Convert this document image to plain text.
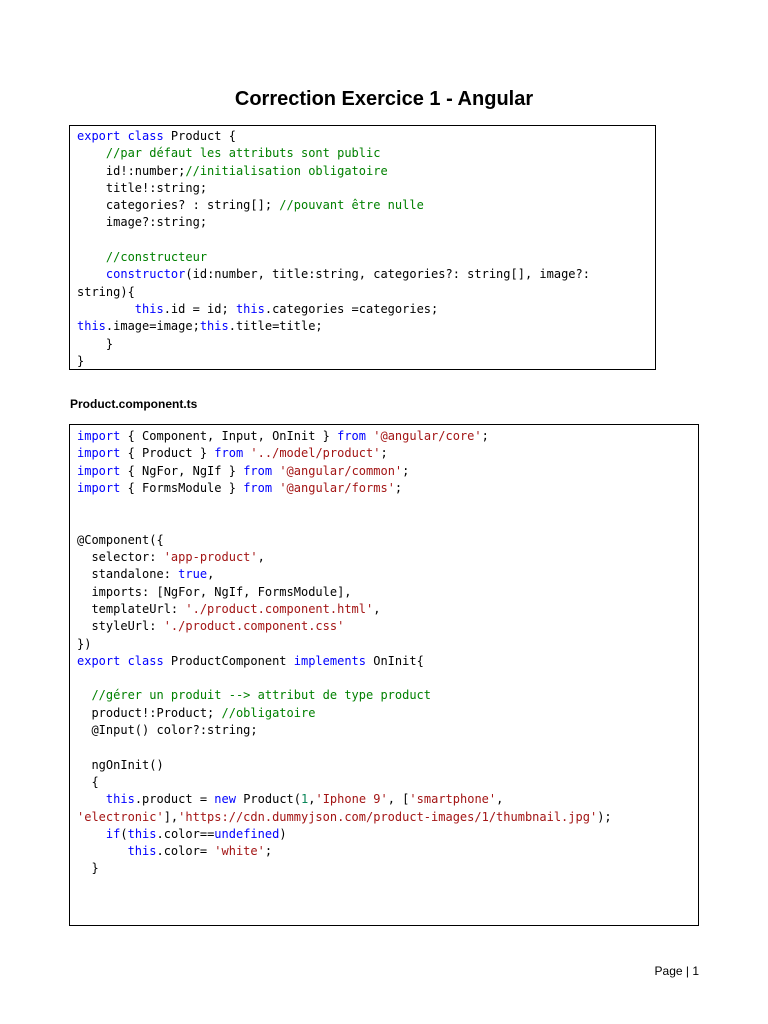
Correction Exercice 1 - Angular
export class Product {
//par défaut les attributs sont public
id!:number;//initialisation obligatoire
title!:string;
categories? : string[]; //pouvant être nulle
image?:string;
//constructeur
constructor(id:number, title:string, categories?: string[], image?:
string){
this.id = id; this.categories =categories;
this.image=image;this.title=title;
}
}
Product.component.ts
import { Component, Input, OnInit } from '@angular/core';
import { Product } from '../model/product';
import { NgFor, NgIf } from '@angular/common';
import { FormsModule } from '@angular/forms';
@Component({
selector: 'app-product',
standalone: true,
imports: [NgFor, NgIf, FormsModule],
templateUrl: './product.component.html',
styleUrl: './product.component.css'
})
export class ProductComponent implements OnInit{
//gérer un produit --> attribut de type product
product!:Product; //obligatoire
@Input() color?:string;
ngOnInit()
{
this.product = new Product(1,'Iphone 9', ['smartphone',
'electronic'],'https://cdn.dummyjson.com/product-images/1/thumbnail.jpg');
if(this.color==undefined)
this.color= 'white';
}
Page | 1
